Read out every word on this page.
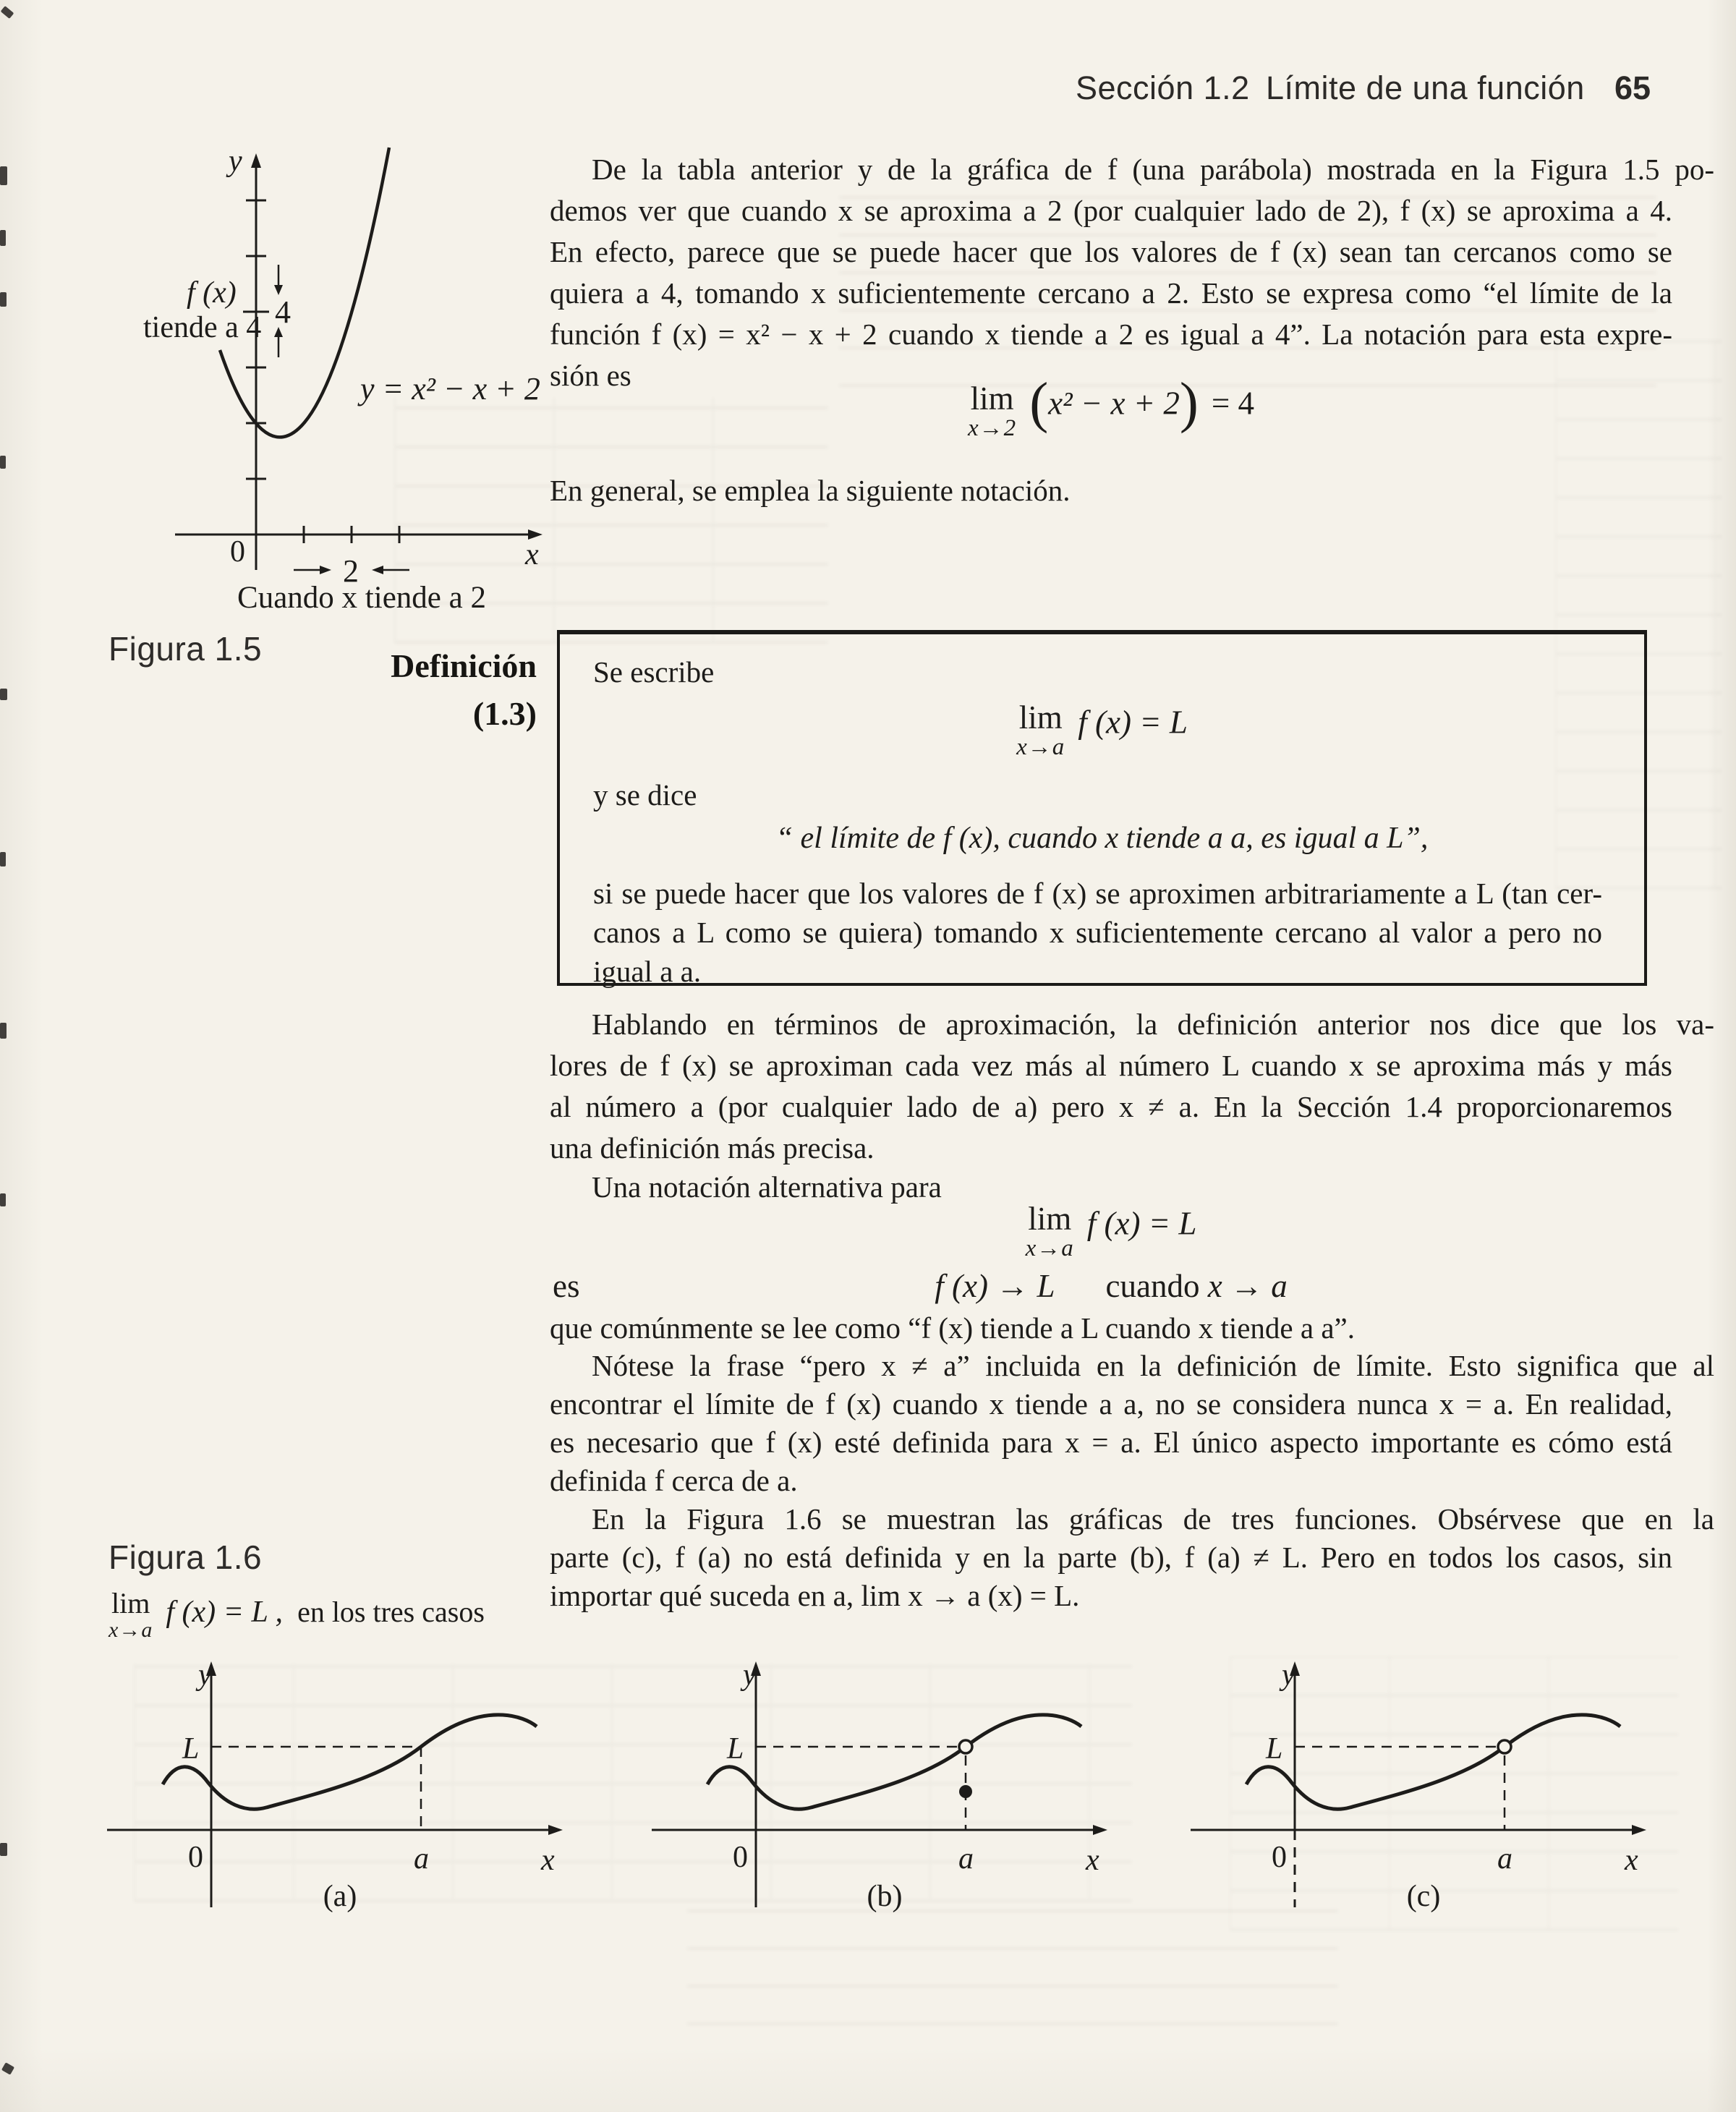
Sección 1.2 Límite de una función 65
y
x
0
4
2
f (x)
tiende a 4
y = x² − x + 2
Cuando x tiende a 2
Figura 1.5
De la tabla anterior y de la gráfica de f (una parábola) mostrada en la Figura 1.5 po-
demos ver que cuando x se aproxima a 2 (por cualquier lado de 2), f (x) se aproxima a 4.
En efecto, parece que se puede hacer que los valores de f (x) sean tan cercanos como se
quiera a 4, tomando x suficientemente cercano a 2. Esto se expresa como “el límite de la
función f (x) = x² − x + 2 cuando x tiende a 2 es igual a 4”. La notación para esta expre-
sión es
lim
x→2 (x² − x + 2) = 4
En general, se emplea la siguiente notación.
Definición
(1.3)
Se escribe
lim
x→a
f (x) = L
y se dice
“ el límite de f (x), cuando x tiende a a, es igual a L”,
si se puede hacer que los valores de f (x) se aproximen arbitrariamente a L (tan cer-
canos a L como se quiera) tomando x suficientemente cercano al valor a pero no
igual a a.
Hablando en términos de aproximación, la definición anterior nos dice que los va-
lores de f (x) se aproximan cada vez más al número L cuando x se aproxima más y más
al número a (por cualquier lado de a) pero x ≠ a. En la Sección 1.4 proporcionaremos
una definición más precisa.
Una notación alternativa para
lim
x→a
f (x) = L
es	f (x) → L cuando x → a
que comúnmente se lee como “f (x) tiende a L cuando x tiende a a”.
Nótese la frase “pero x ≠ a” incluida en la definición de límite. Esto significa que al
encontrar el límite de f (x) cuando x tiende a a, no se considera nunca x = a. En realidad,
es necesario que f (x) esté definida para x = a. El único aspecto importante es cómo está
definida f cerca de a.
En la Figura 1.6 se muestran las gráficas de tres funciones. Obsérvese que en la
parte (c), f (a) no está definida y en la parte (b), f (a) ≠ L. Pero en todos los casos, sin
importar qué suceda en a, lim x → a (x) = L.
Figura 1.6
lim
x→a
f (x) = L , en los tres casos
y
L
0	a	x
(a)
y
L
0	a	x
(b)
y
L
0	a	x
(c)
